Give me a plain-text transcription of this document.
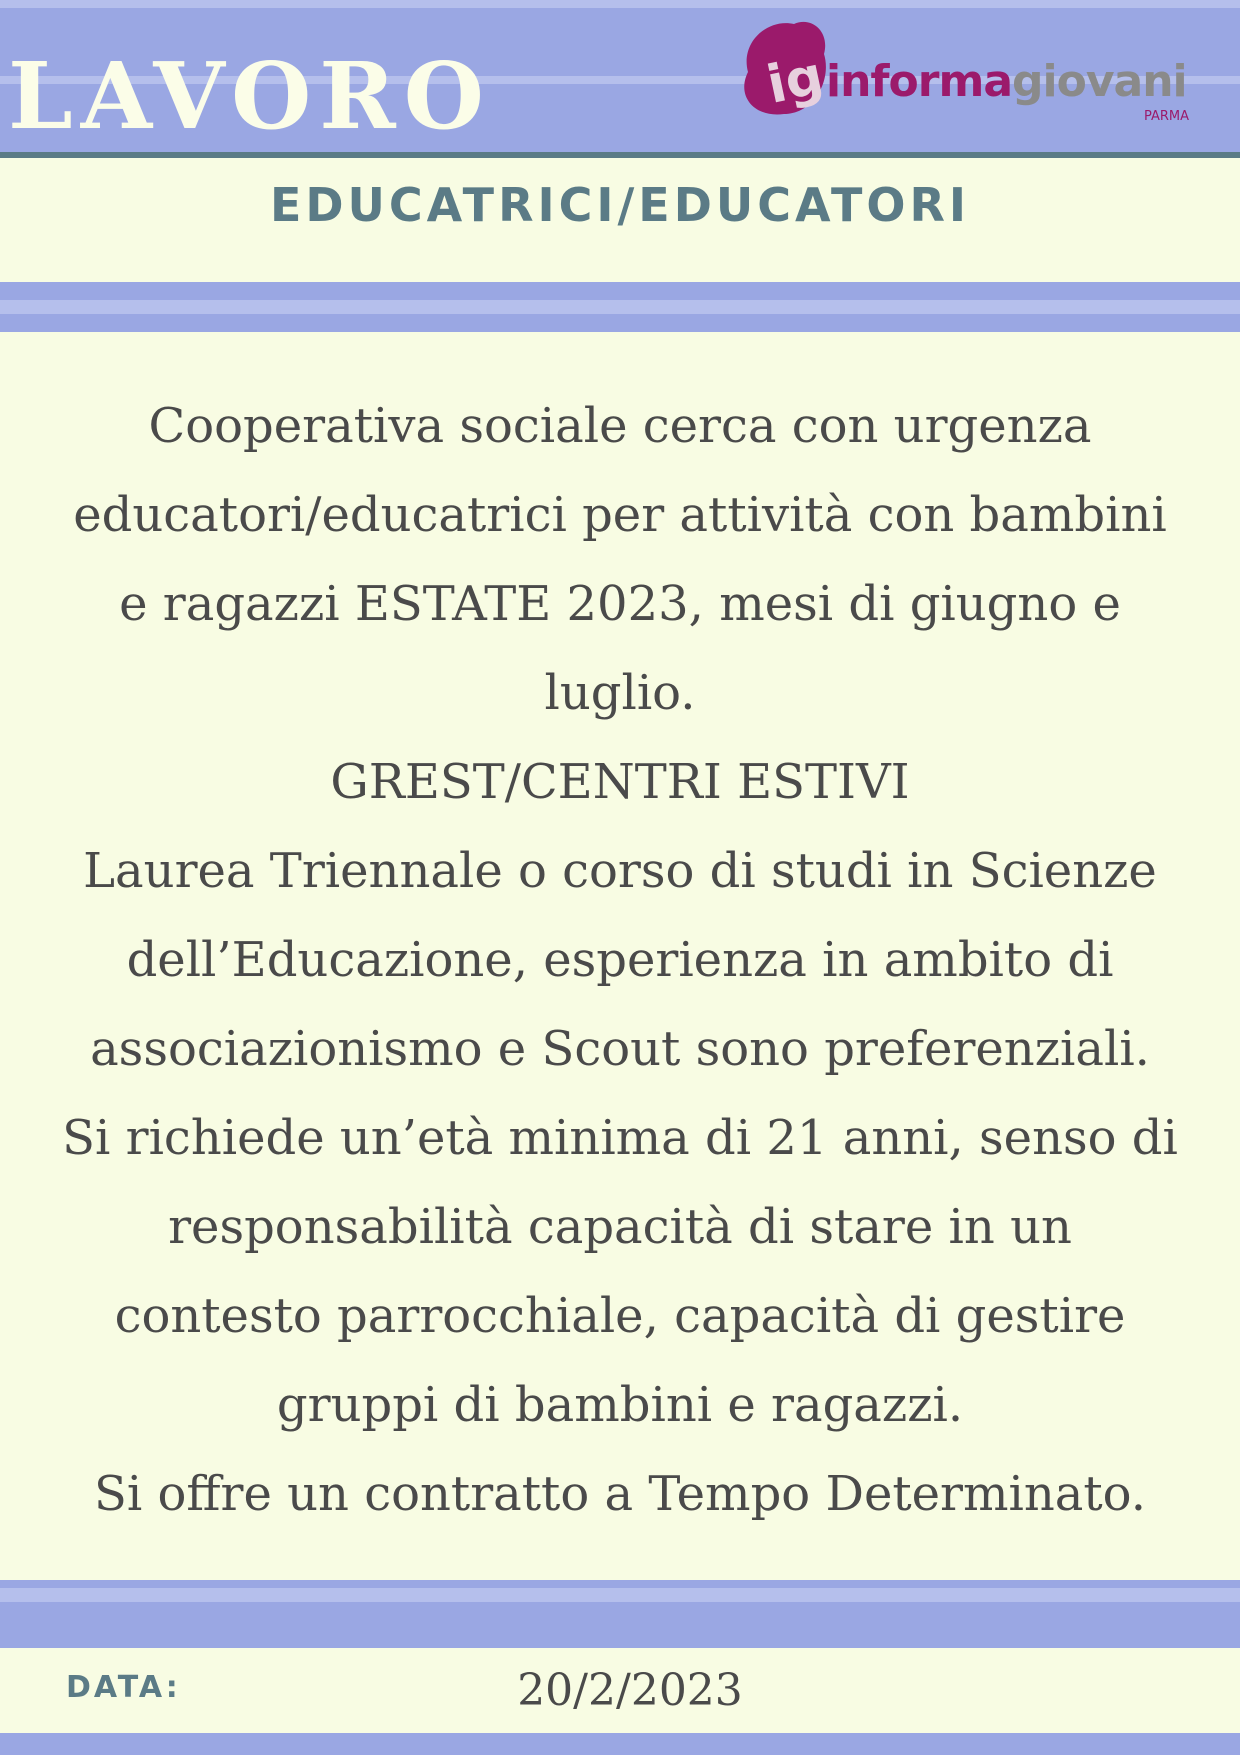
LAVORO	ig
informagiovani
PARMA
EDUCATRICI/EDUCATORI
Cooperativa sociale cerca con urgenza
educatori/educatrici per attività con bambini
e ragazzi ESTATE 2023, mesi di giugno e
luglio.
GREST/CENTRI ESTIVI
Laurea Triennale o corso di studi in Scienze
dell’Educazione, esperienza in ambito di
associazionismo e Scout sono preferenziali.
Si richiede un’età minima di 21 anni, senso di
responsabilità capacità di stare in un
contesto parrocchiale, capacità di gestire
gruppi di bambini e ragazzi.
Si offre un contratto a Tempo Determinato.
DATA:	20/2/2023
